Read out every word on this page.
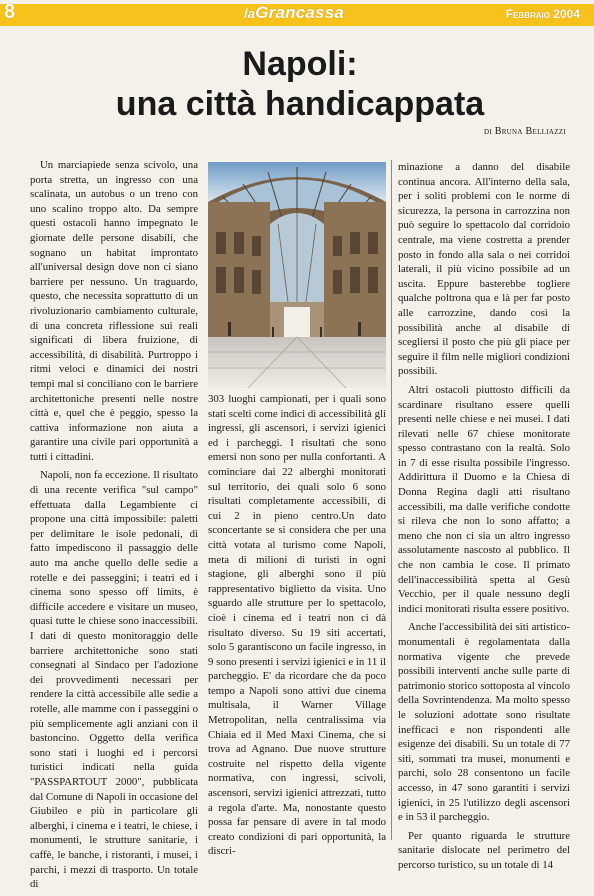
8	laGrancassa	Febbraio 2004
Napoli:
una città handicappata
di Bruna Belliazzi

Un marciapiede senza scivolo, una porta stretta, un ingresso con una scalinata, un autobus o un treno con uno scalino troppo alto. Da sempre questi ostacoli hanno impegnato le giornate delle persone disabili, che sognano un habitat improntato all'universal design dove non ci siano barriere per nessuno. Un traguardo, questo, che necessita soprattutto di un rivoluzionario cambiamento culturale, di una concreta riflessione sui reali significati di libera fruizione, di accessibilità, di disabilità. Purtroppo i ritmi veloci e dinamici dei nostri tempi mal si conciliano con le barriere architettoniche presenti nelle nostre città e, quel che è peggio, spesso la cattiva informazione non aiuta a garantire una civile pari opportunità a tutti i cittadini.

Napoli, non fa eccezione. Il risultato di una recente verifica "sul campo" effettuata dalla Legambiente ci propone una città impossibile: paletti per delimitare le isole pedonali, di fatto impediscono il passaggio delle auto ma anche quello delle sedie a rotelle e dei passeggini; i teatri ed i cinema sono spesso off limits, è difficile accedere e visitare un museo, quasi tutte le chiese sono inaccessibili. I dati di questo monitoraggio delle barriere architettoniche sono stati consegnati al Sindaco per l'adozione dei provvedimenti necessari per rendere la città accessibile alle sedie a rotelle, alle mamme con i passeggini o più semplicemente agli anziani con il bastoncino. Oggetto della verifica sono stati i luoghi ed i percorsi turistici indicati nella guida "PASSPARTOUT 2000", pubblicata dal Comune di Napoli in occasione del Giubileo e più in particolare gli alberghi, i cinema e i teatri, le chiese, i monumenti, le strutture sanitarie, i caffè, le banche, i ristoranti, i musei, i parchi, i mezzi di trasporto. Un totale di

303 luoghi campionati, per i quali sono stati scelti come indici di accessibilità gli ingressi, gli ascensori, i servizi igienici ed i parcheggi. I risultati che sono emersi non sono per nulla confortanti. A cominciare dai 22 alberghi monitorati sul territorio, dei quali solo 6 sono risultati completamente accessibili, di cui 2 in pieno centro.Un dato sconcertante se si considera che per una città votata al turismo come Napoli, meta di milioni di turisti in ogni stagione, gli alberghi sono il più rappresentativo biglietto da visita. Uno sguardo alle strutture per lo spettacolo, cioè i cinema ed i teatri non ci dà risultato diverso. Su 19 siti accertati, solo 5 garantiscono un facile ingresso, in 9 sono presenti i servizi igienici e in 11 il parcheggio. E' da ricordare che da poco tempo a Napoli sono attivi due cinema multisala, il Warner Village Metropolitan, nella centralissima via Chiaia ed il Med Maxi Cinema, che si trova ad Agnano. Due nuove strutture costruite nel rispetto della vigente normativa, con ingressi, scivoli, ascensori, servizi igienici attrezzati, tutto a regola d'arte. Ma, nonostante questo possa far pensare di avere in tal modo creato condizioni di pari opportunità, la discri-

minazione a danno del disabile continua ancora. All'interno della sala, per i soliti problemi con le norme di sicurezza, la persona in carrozzina non può seguire lo spettacolo dal corridoio centrale, ma viene costretta a prender posto in fondo alla sala o nei corridoi laterali, il più vicino possibile ad un uscita. Eppure basterebbe togliere qualche poltrona qua e là per far posto alle carrozzine, dando così la possibilità anche al disabile di scegliersi il posto che più gli piace per seguire il film nelle migliori condizioni possibili.

Altri ostacoli piuttosto difficili da scardinare risultano essere quelli presenti nelle chiese e nei musei. I dati rilevati nelle 67 chiese monitorate spesso contrastano con la realtà. Solo in 7 di esse risulta possibile l'ingresso. Addirittura il Duomo e la Chiesa di Donna Regina dagli atti risultano accessibili, ma dalle verifiche condotte si rileva che non lo sono affatto; a meno che non ci sia un altro ingresso assolutamente nascosto al pubblico. Il che non cambia le cose. Il primato dell'inaccessibilità spetta al Gesù Vecchio, per il quale nessuno degli indici monitorati risulta essere positivo.

Anche l'accessibilità dei siti artistico-monumentali è regolamentata dalla normativa vigente che prevede possibili interventi anche sulle parte di patrimonio storico sottoposta al vincolo della Sovrintendenza. Ma molto spesso le soluzioni adottate sono risultate inefficaci e non rispondenti alle esigenze dei disabili. Su un totale di 77 siti, sommati tra musei, monumenti e parchi, solo 28 consentono un facile accesso, in 47 sono garantiti i servizi igienici, in 25 l'utilizzo degli ascensori e in 53 il parcheggio.

Per quanto riguarda le strutture sanitarie dislocate nel perimetro del percorso turistico, su un totale di 14
